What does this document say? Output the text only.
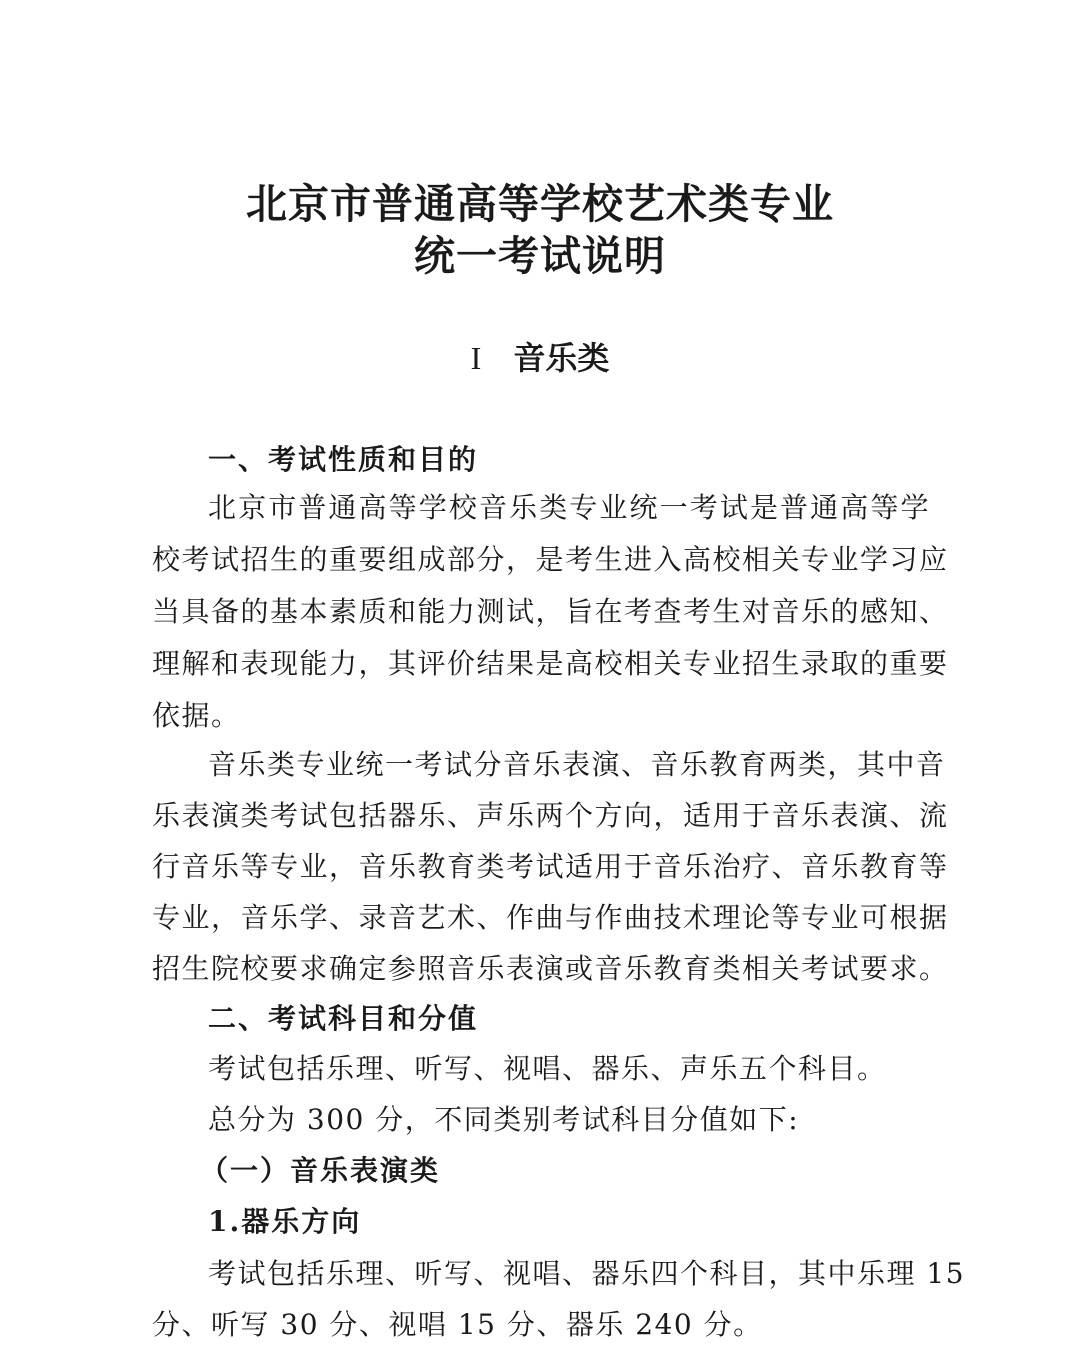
北京市普通高等学校艺术类专业
统一考试说明
I 音乐类
一、考试性质和目的
北京市普通高等学校音乐类专业统一考试是普通高等学
校考试招生的重要组成部分，是考生进入高校相关专业学习应
当具备的基本素质和能力测试，旨在考查考生对音乐的感知、
理解和表现能力，其评价结果是高校相关专业招生录取的重要
依据。
音乐类专业统一考试分音乐表演、音乐教育两类，其中音
乐表演类考试包括器乐、声乐两个方向，适用于音乐表演、流
行音乐等专业，音乐教育类考试适用于音乐治疗、音乐教育等
专业，音乐学、录音艺术、作曲与作曲技术理论等专业可根据
招生院校要求确定参照音乐表演或音乐教育类相关考试要求。
二、考试科目和分值
考试包括乐理、听写、视唱、器乐、声乐五个科目。
总分为 300 分，不同类别考试科目分值如下:
（一）音乐表演类
1.器乐方向
考试包括乐理、听写、视唱、器乐四个科目，其中乐理 15
分、听写 30 分、视唱 15 分、器乐 240 分。
